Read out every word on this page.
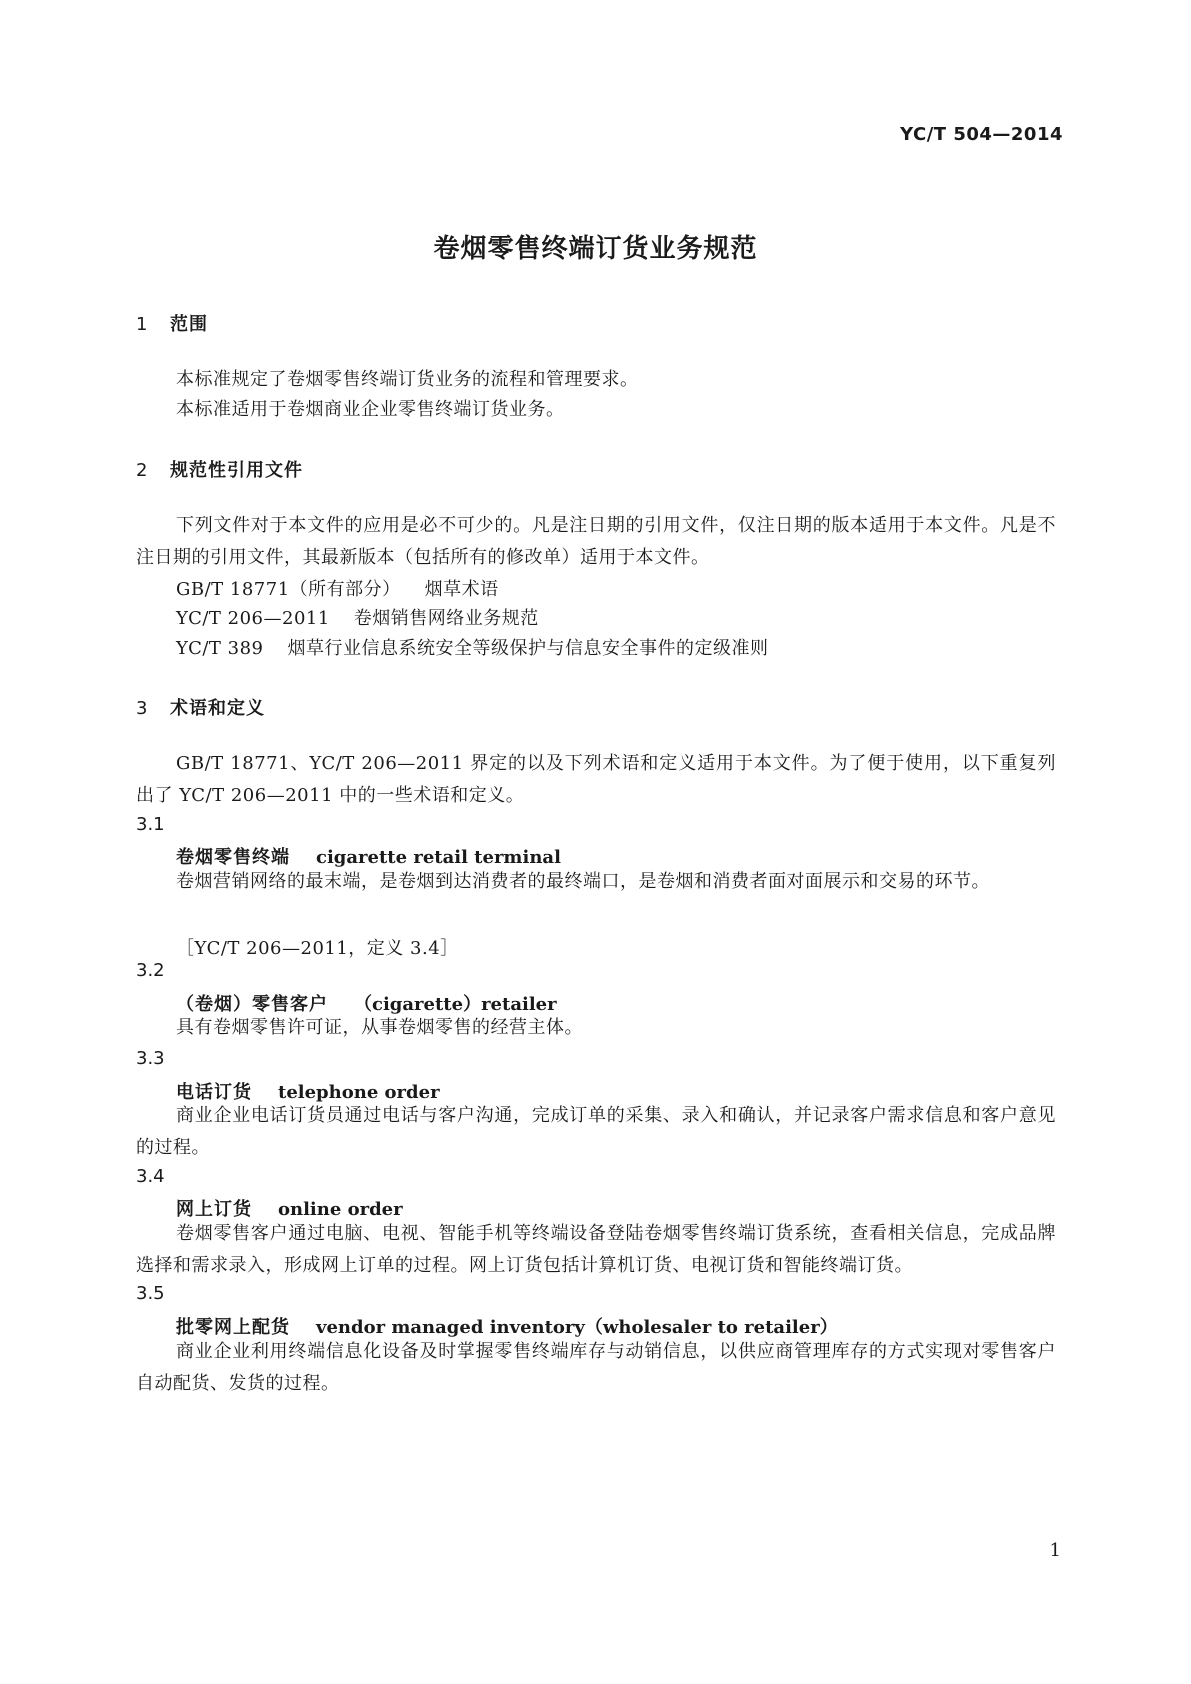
YC/T 504—2014
卷烟零售终端订货业务规范
1 范围
本标准规定了卷烟零售终端订货业务的流程和管理要求。
本标准适用于卷烟商业企业零售终端订货业务。
2 规范性引用文件
下列文件对于本文件的应用是必不可少的。凡是注日期的引用文件，仅注日期的版本适用于本文件。凡是不注日期的引用文件，其最新版本（包括所有的修改单）适用于本文件。
GB/T 18771（所有部分） 烟草术语
YC/T 206—2011 卷烟销售网络业务规范
YC/T 389 烟草行业信息系统安全等级保护与信息安全事件的定级准则
3 术语和定义
GB/T 18771、YC/T 206—2011 界定的以及下列术语和定义适用于本文件。为了便于使用，以下重复列出了 YC/T 206—2011 中的一些术语和定义。
3.1
卷烟零售终端 cigarette retail terminal
卷烟营销网络的最末端，是卷烟到达消费者的最终端口，是卷烟和消费者面对面展示和交易的环节。
［YC/T 206—2011，定义 3.4］
3.2
（卷烟）零售客户 （cigarette）retailer
具有卷烟零售许可证，从事卷烟零售的经营主体。
3.3
电话订货 telephone order
商业企业电话订货员通过电话与客户沟通，完成订单的采集、录入和确认，并记录客户需求信息和客户意见的过程。
3.4
网上订货 online order
卷烟零售客户通过电脑、电视、智能手机等终端设备登陆卷烟零售终端订货系统，查看相关信息，完成品牌选择和需求录入，形成网上订单的过程。网上订货包括计算机订货、电视订货和智能终端订货。
3.5
批零网上配货 vendor managed inventory（wholesaler to retailer）
商业企业利用终端信息化设备及时掌握零售终端库存与动销信息，以供应商管理库存的方式实现对零售客户自动配货、发货的过程。
1
